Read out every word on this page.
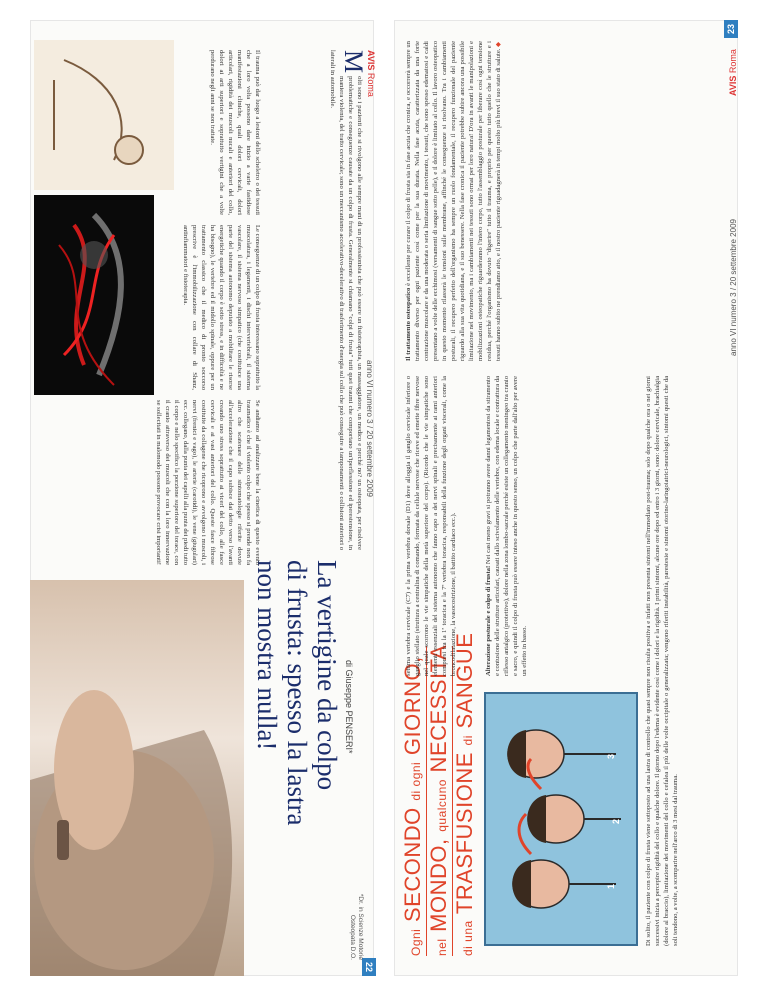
22
*Dr. in Scienze Motorie Osteopata D.O.
di Giuseppe PENSERI*
La vertigine da colpo
di frusta: spesso la lastra
non mostra nulla!
M
olti sono i pazienti che si rivolgono alle sempre mani di un professionista che può essere un fisioterapista, un massaggiatore, un medico e perché no? un osteopata, per risolvere problematiche e conseguenze causate da un colpo di frusta. Generalmente si chiamano "colpi di frusta" tutti quei traumi che comportano un'iperflessione ed iperestensione, in maniera violenta, del tratto cervicale; sono un meccanismo accelerativo-decelerativo di trasferimento d'energia sul collo che può conseguire a tamponamenti o collisioni anteriori o laterali in automobile.
Il trauma può dar luogo a lesioni dello scheletro o dei tessuti che a loro volta possono dare inizio a varie fastidiose manifestazioni cliniche, quali dolori cervicali, dolori articolari, rigidità dei muscoli nucali e anteriori del collo, dolori ai arti superiori e soprattutto vertigini che a volte perdurano negli anni se non trattate.
Le conseguenze di un colpo di frusta interessano soprattutto la muscolatura, i legamenti, i dischi intervertebrali, il sistema vascolare, il sistema nervoso simpatico (che costituisce una parte del sistema autonomo deputato a mobilitare le risorse energetiche quando il corpo è sotto stress, e in difficoltà e ne ha bisogno), le vertebre ed il midollo spinale, oppure per un trattamento classico che il medico di pronto soccorso prescrive è l'immobilizzazione con collare di Shanz, antinfiammatori e fisioterapia.
Se andiamo ad analizzare bene la cinetica di questo evento traumatico è che il violento colpo che spesso si prende non fa altro che scatenare delle sintomatologie riferite dovute all'accelerazione che il capo subisce dai detto verso l'avanti creando uno stress soprattutto ai vicerI del collo, alle fasce cervicali e ai vasi anteriori del collo. Queste fasce fibrose costituite da collagene che ricoprono e avvolgono i muscoli, i nervi (frenici e vago), le arterie (carotidi), le vene (giugulari) ecc. collegano, dalla punta dei capelli alla punta dei piedi tutto il corpo e nello specifico la porzione superiore del torace, con il cranio attraverso dei muscoli che con la loro innervazione se sollecitati in malomodo possono provocare crisi importanti!
AVIS Roma
anno VI numero 3 / 20 settembre 2009
23
Ogni SECONDO di ogni GIORNO,
nel MONDO, qualcuno NECESSITA
di una TRASFUSIONE di SANGUE
1
2
3
settima vertebra cervicale (C7) e la prima vertebra dorsale (D1) dove alloggia il ganglio cervicale inferiore o ganglio stellato (struttura a centralina di comando, formata da cellule nervose che riceve ed emette fibre nervose nel quale scorrono le vie simpatiche della metà superiore del corpo). (Ricordo che le vie simpatiche sono elementi essenziali del sistema autonomo che fanno capo a dei nervi spinali e precisamente ai rami anteriori compresi tra la 1ª toracica e la 7ª vertebra toracica, responsabili della funzione degli organi viscerali, come la broncodilatazione, la vasocostrizione, il battito cardiaco ecc.).	Alterazione posturale e colpo di frusta! Nei casi meno gravi si potranno avere danni legamentosi da stiramento e contusione delle strutture articolari, causati dallo scivolamento delle vertebre, con edema locale e contrattura da riflesso antalgico (protettivo), dolore nella zona lombo-sacrale perché esiste un collegamento meningeo tra cranio e sacro, e quindi il colpo di frusta può essere inteso anche in questo senso, un colpo che parte dall'alto per avere un effetto in basso.	Di solito, il paziente con colpo di frusta viene sottoposto ad una lastra di controllo che quasi sempre non risulta positiva e infatti non presenta sintomi nell'immediato post-trauma; solo dopo qualche ora o nei giorni successivi inizia a percepire rigidità del collo e qualche dolore. Il giorno dopo l'edema è evidente così come i dolori e la rigidità. I primi sintomi, alcune ore dopo ed entro i 3 giorni, sono: dolore cervicale, brachialgia (dolore al braccio), limitazione dei movimenti del collo e cefalea il più delle volte occipitale o generalizzata; vengono riferiti instabilità, parestesie e sintomi otorino-laringoiatrici-neurologici, sintomi questi che da soli tendono, a volte, a scomparire nell'arco di 3 mesi dal trauma.
Il trattamento osteopatico è eccellente per curare il colpo di frusta sia in fase acuta che cronica, e occorrerà sempre un trattamento diverso per ogni paziente così come per la sua durata. Nella fase acuta, caratterizzata da una forte contrazione muscolare e da una moderata o seria limitazione di movimento, i tessuti, che sono spesso edematosi e caldi presentano a volte delle ecchimosi (versamenti di sangue sotto pelle), e il dolore è limitato al collo. Il lavoro osteopatico in questo momento rilasserà le tensioni sulle membrane, affinché le conseguenze si risolvano. Tra i cambiamenti posturali, il recupero perfetto dell'organismo ha sempre un ruolo fondamentale, il recupero funzionale del paziente riguardo alla sua vita quotidiana, e il suo benessere. Nella fase cronica il paziente potrebbe subire ancora una possibile limitazione nel movimento, ma i cambiamenti nei tessuti sono ormai per loro natura! D'ora in avanti le manipolazioni e mobilizzazioni osteopatiche riguarderanno l'intero corpo, tutto l'assemblaggio posturale per liberare così ogni tensione residua, perché l'organismo ha dovuto "digerire" tutto il trauma, e proprio per questo tutto quello che le strutture e i tessuti hanno subito ne prendiamo atto, e il nostro paziente riguadagnerà in tempi molto più brevi il suo stato di salute. ◆
AVIS Roma
anno VI numero 3 / 20 settembre 2009
